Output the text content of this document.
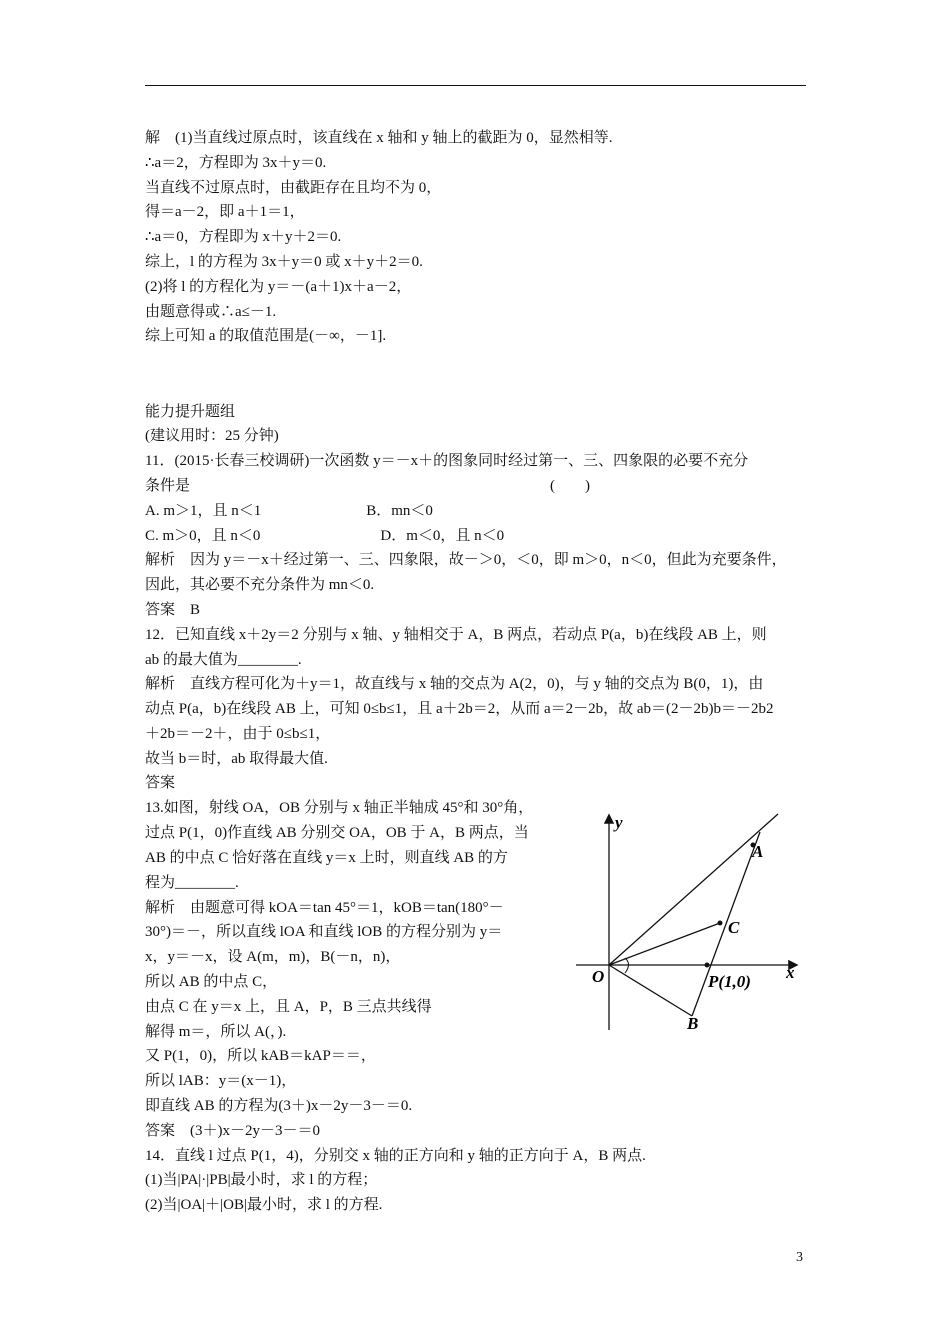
解　(1)当直线过原点时，该直线在 x 轴和 y 轴上的截距为 0，显然相等.
∴a＝2，方程即为 3x＋y＝0.
当直线不过原点时，由截距存在且均不为 0，
得＝a－2，即 a＋1＝1，
∴a＝0，方程即为 x＋y＋2＝0.
综上，l 的方程为 3x＋y＝0 或 x＋y＋2＝0.
(2)将 l 的方程化为 y＝－(a＋1)x＋a－2，
由题意得或∴a≤－1.
综上可知 a 的取值范围是(－∞，－1].
能力提升题组
(建议用时：25 分钟)
11．(2015·长春三校调研)一次函数 y＝－x＋的图象同时经过第一、三、四象限的必要不充分
条件是　　　　　　　　　　　　　　　　　　　　　　　　(　　)
A. m＞1，且 n＜1　　　　　　　B．mn＜0
C. m＞0，且 n＜0　　　　　　　　D．m＜0，且 n＜0
解析　因为 y＝－x＋经过第一、三、四象限，故－＞0，＜0，即 m＞0，n＜0，但此为充要条件，
因此，其必要不充分条件为 mn＜0.
答案　B
12．已知直线 x＋2y＝2 分别与 x 轴、y 轴相交于 A，B 两点，若动点 P(a，b)在线段 AB 上，则
ab 的最大值为________.
解析　直线方程可化为＋y＝1，故直线与 x 轴的交点为 A(2，0)，与 y 轴的交点为 B(0，1)，由
动点 P(a，b)在线段 AB 上，可知 0≤b≤1，且 a＋2b＝2，从而 a＝2－2b，故 ab＝(2－2b)b＝－2b2
＋2b＝－2＋，由于 0≤b≤1，
故当 b＝时，ab 取得最大值.
答案
13.如图，射线 OA，OB 分别与 x 轴正半轴成 45°和 30°角，
过点 P(1，0)作直线 AB 分别交 OA，OB 于 A，B 两点，当
AB 的中点 C 恰好落在直线 y＝x 上时，则直线 AB 的方
程为________.
解析　由题意可得 kOA＝tan 45°＝1，kOB＝tan(180°－
30°)＝－，所以直线 lOA 和直线 lOB 的方程分别为 y＝
x，y＝－x，设 A(m，m)，B(－n，n)，
所以 AB 的中点 C，
由点 C 在 y＝x 上，且 A，P，B 三点共线得
解得 m＝，所以 A(，).
又 P(1，0)，所以 kAB＝kAP＝＝，
所以 lAB：y＝(x－1)，
即直线 AB 的方程为(3＋)x－2y－3－＝0.
答案　(3＋)x－2y－3－＝0
14．直线 l 过点 P(1，4)，分别交 x 轴的正方向和 y 轴的正方向于 A，B 两点.
(1)当|PA|·|PB|最小时，求 l 的方程；
(2)当|OA|＋|OB|最小时，求 l 的方程.
y
x
O
A
C
P(1,0)
B
3
